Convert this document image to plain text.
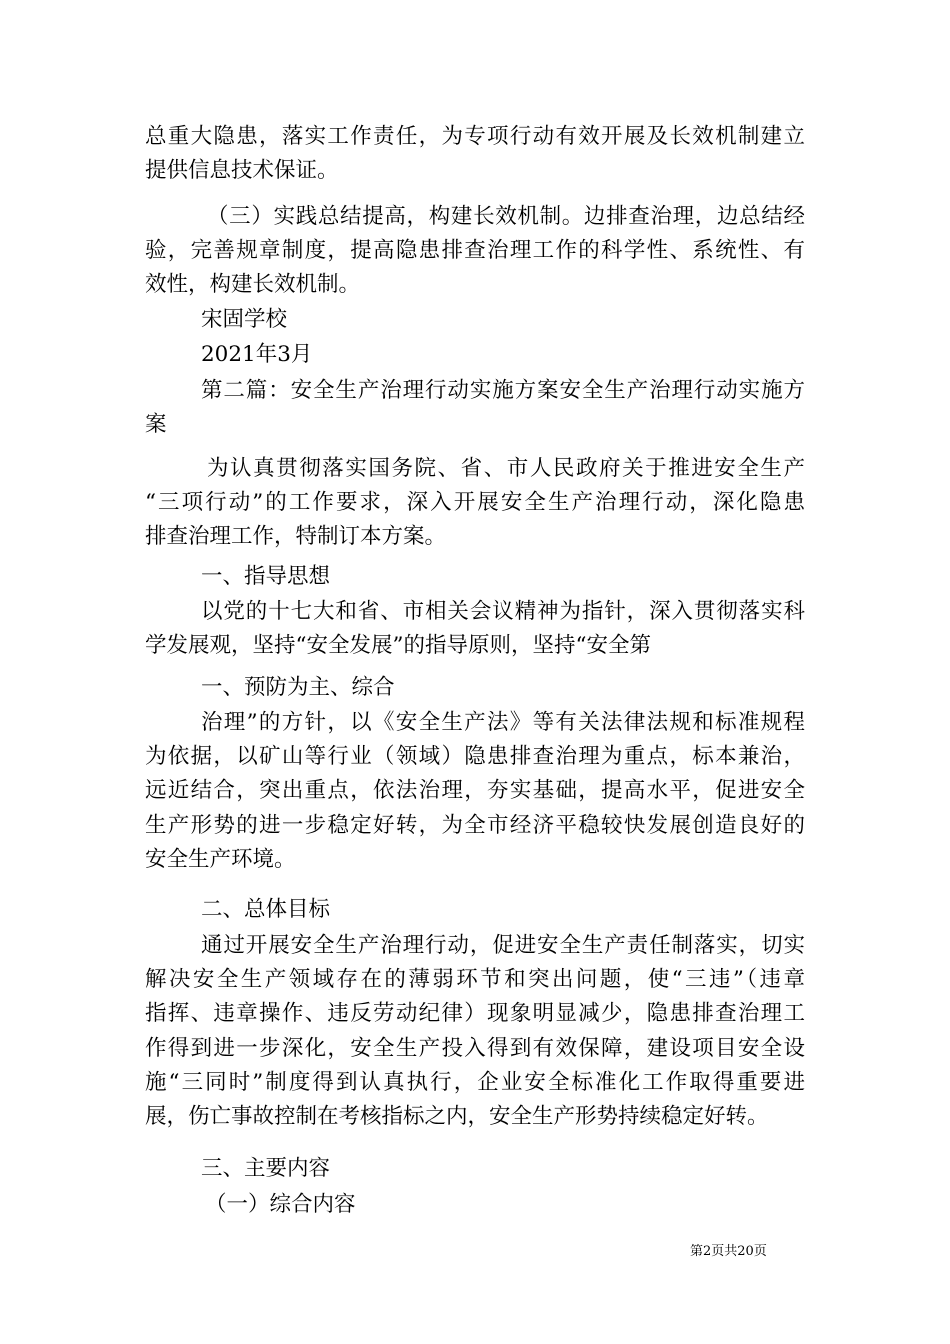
总重大隐患，落实工作责任，为专项行动有效开展及长效机制建立
提供信息技术保证。
（三）实践总结提高，构建长效机制。边排查治理，边总结经
验，完善规章制度，提高隐患排查治理工作的科学性、系统性、有
效性，构建长效机制。
宋固学校
2021年3月
第二篇：安全生产治理行动实施方案安全生产治理行动实施方
案
为认真贯彻落实国务院、省、市人民政府关于推进安全生产
“三项行动”的工作要求，深入开展安全生产治理行动，深化隐患
排查治理工作，特制订本方案。
一、指导思想
以党的十七大和省、市相关会议精神为指针，深入贯彻落实科
学发展观，坚持“安全发展”的指导原则，坚持“安全第
一、预防为主、综合
治理”的方针，以《安全生产法》等有关法律法规和标准规程
为依据，以矿山等行业（领域）隐患排查治理为重点，标本兼治，
远近结合，突出重点，依法治理，夯实基础，提高水平，促进安全
生产形势的进一步稳定好转，为全市经济平稳较快发展创造良好的
安全生产环境。
二、总体目标
通过开展安全生产治理行动，促进安全生产责任制落实，切实
解决安全生产领域存在的薄弱环节和突出问题，使“三违”（违章
指挥、违章操作、违反劳动纪律）现象明显减少，隐患排查治理工
作得到进一步深化，安全生产投入得到有效保障，建设项目安全设
施“三同时”制度得到认真执行，企业安全标准化工作取得重要进
展，伤亡事故控制在考核指标之内，安全生产形势持续稳定好转。
三、主要内容
（一）综合内容
第2页共20页
